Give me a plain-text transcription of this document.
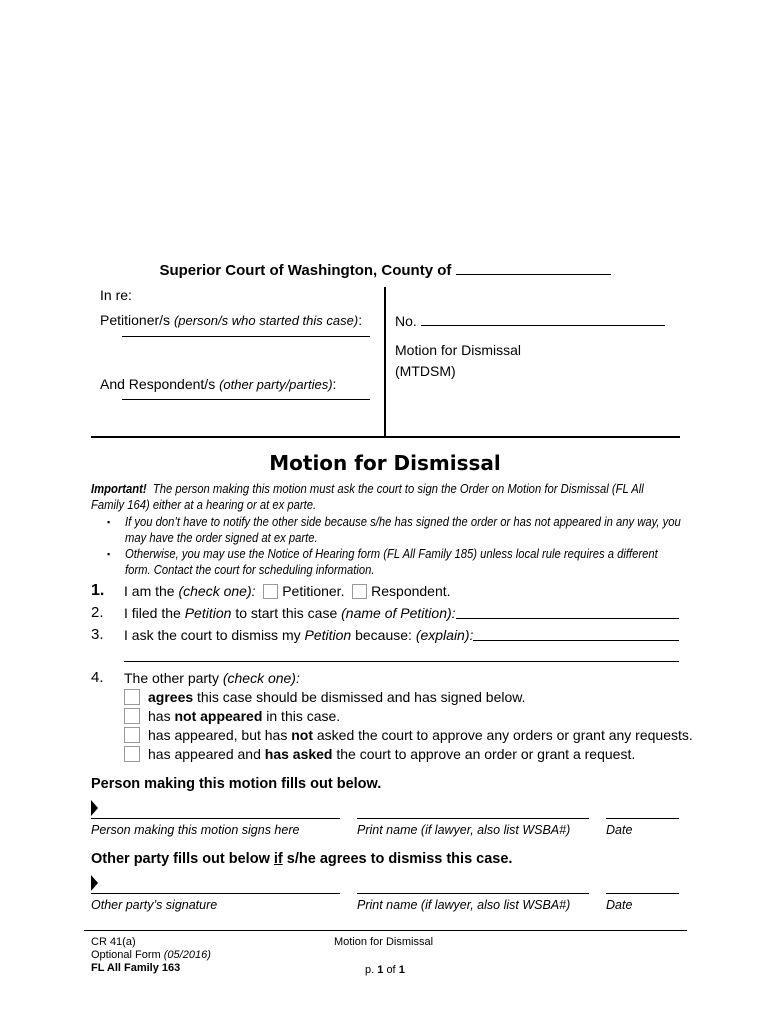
Superior Court of Washington, County of
In re:
Petitioner/s (person/s who started this case):
And Respondent/s (other party/parties):
No.
Motion for Dismissal
(MTDSM)
Motion for Dismissal
Important! The person making this motion must ask the court to sign the Order on Motion for Dismissal (FL All Family 164) either at a hearing or at ex parte.
▪ If you don’t have to notify the other side because s/he has signed the order or has not appeared in any way, you may have the order signed at ex parte.
▪ Otherwise, you may use the Notice of Hearing form (FL All Family 185) unless local rule requires a different form. Contact the court for scheduling information.
1. I am the (check one): Petitioner. Respondent.
2. I filed the Petition to start this case (name of Petition):
3. I ask the court to dismiss my Petition because: (explain):
4. The other party (check one):
agrees this case should be dismissed and has signed below.
has not appeared in this case.
has appeared, but has not asked the court to approve any orders or grant any requests.
has appeared and has asked the court to approve an order or grant a request.
Person making this motion fills out below.
Person making this motion signs here	Print name (if lawyer, also list WSBA#)	Date
Other party fills out below if s/he agrees to dismiss this case.
Other party’s signature	Print name (if lawyer, also list WSBA#)	Date
CR 41(a)
Optional Form (05/2016)
FL All Family 163
Motion for Dismissal
p. 1 of 1
